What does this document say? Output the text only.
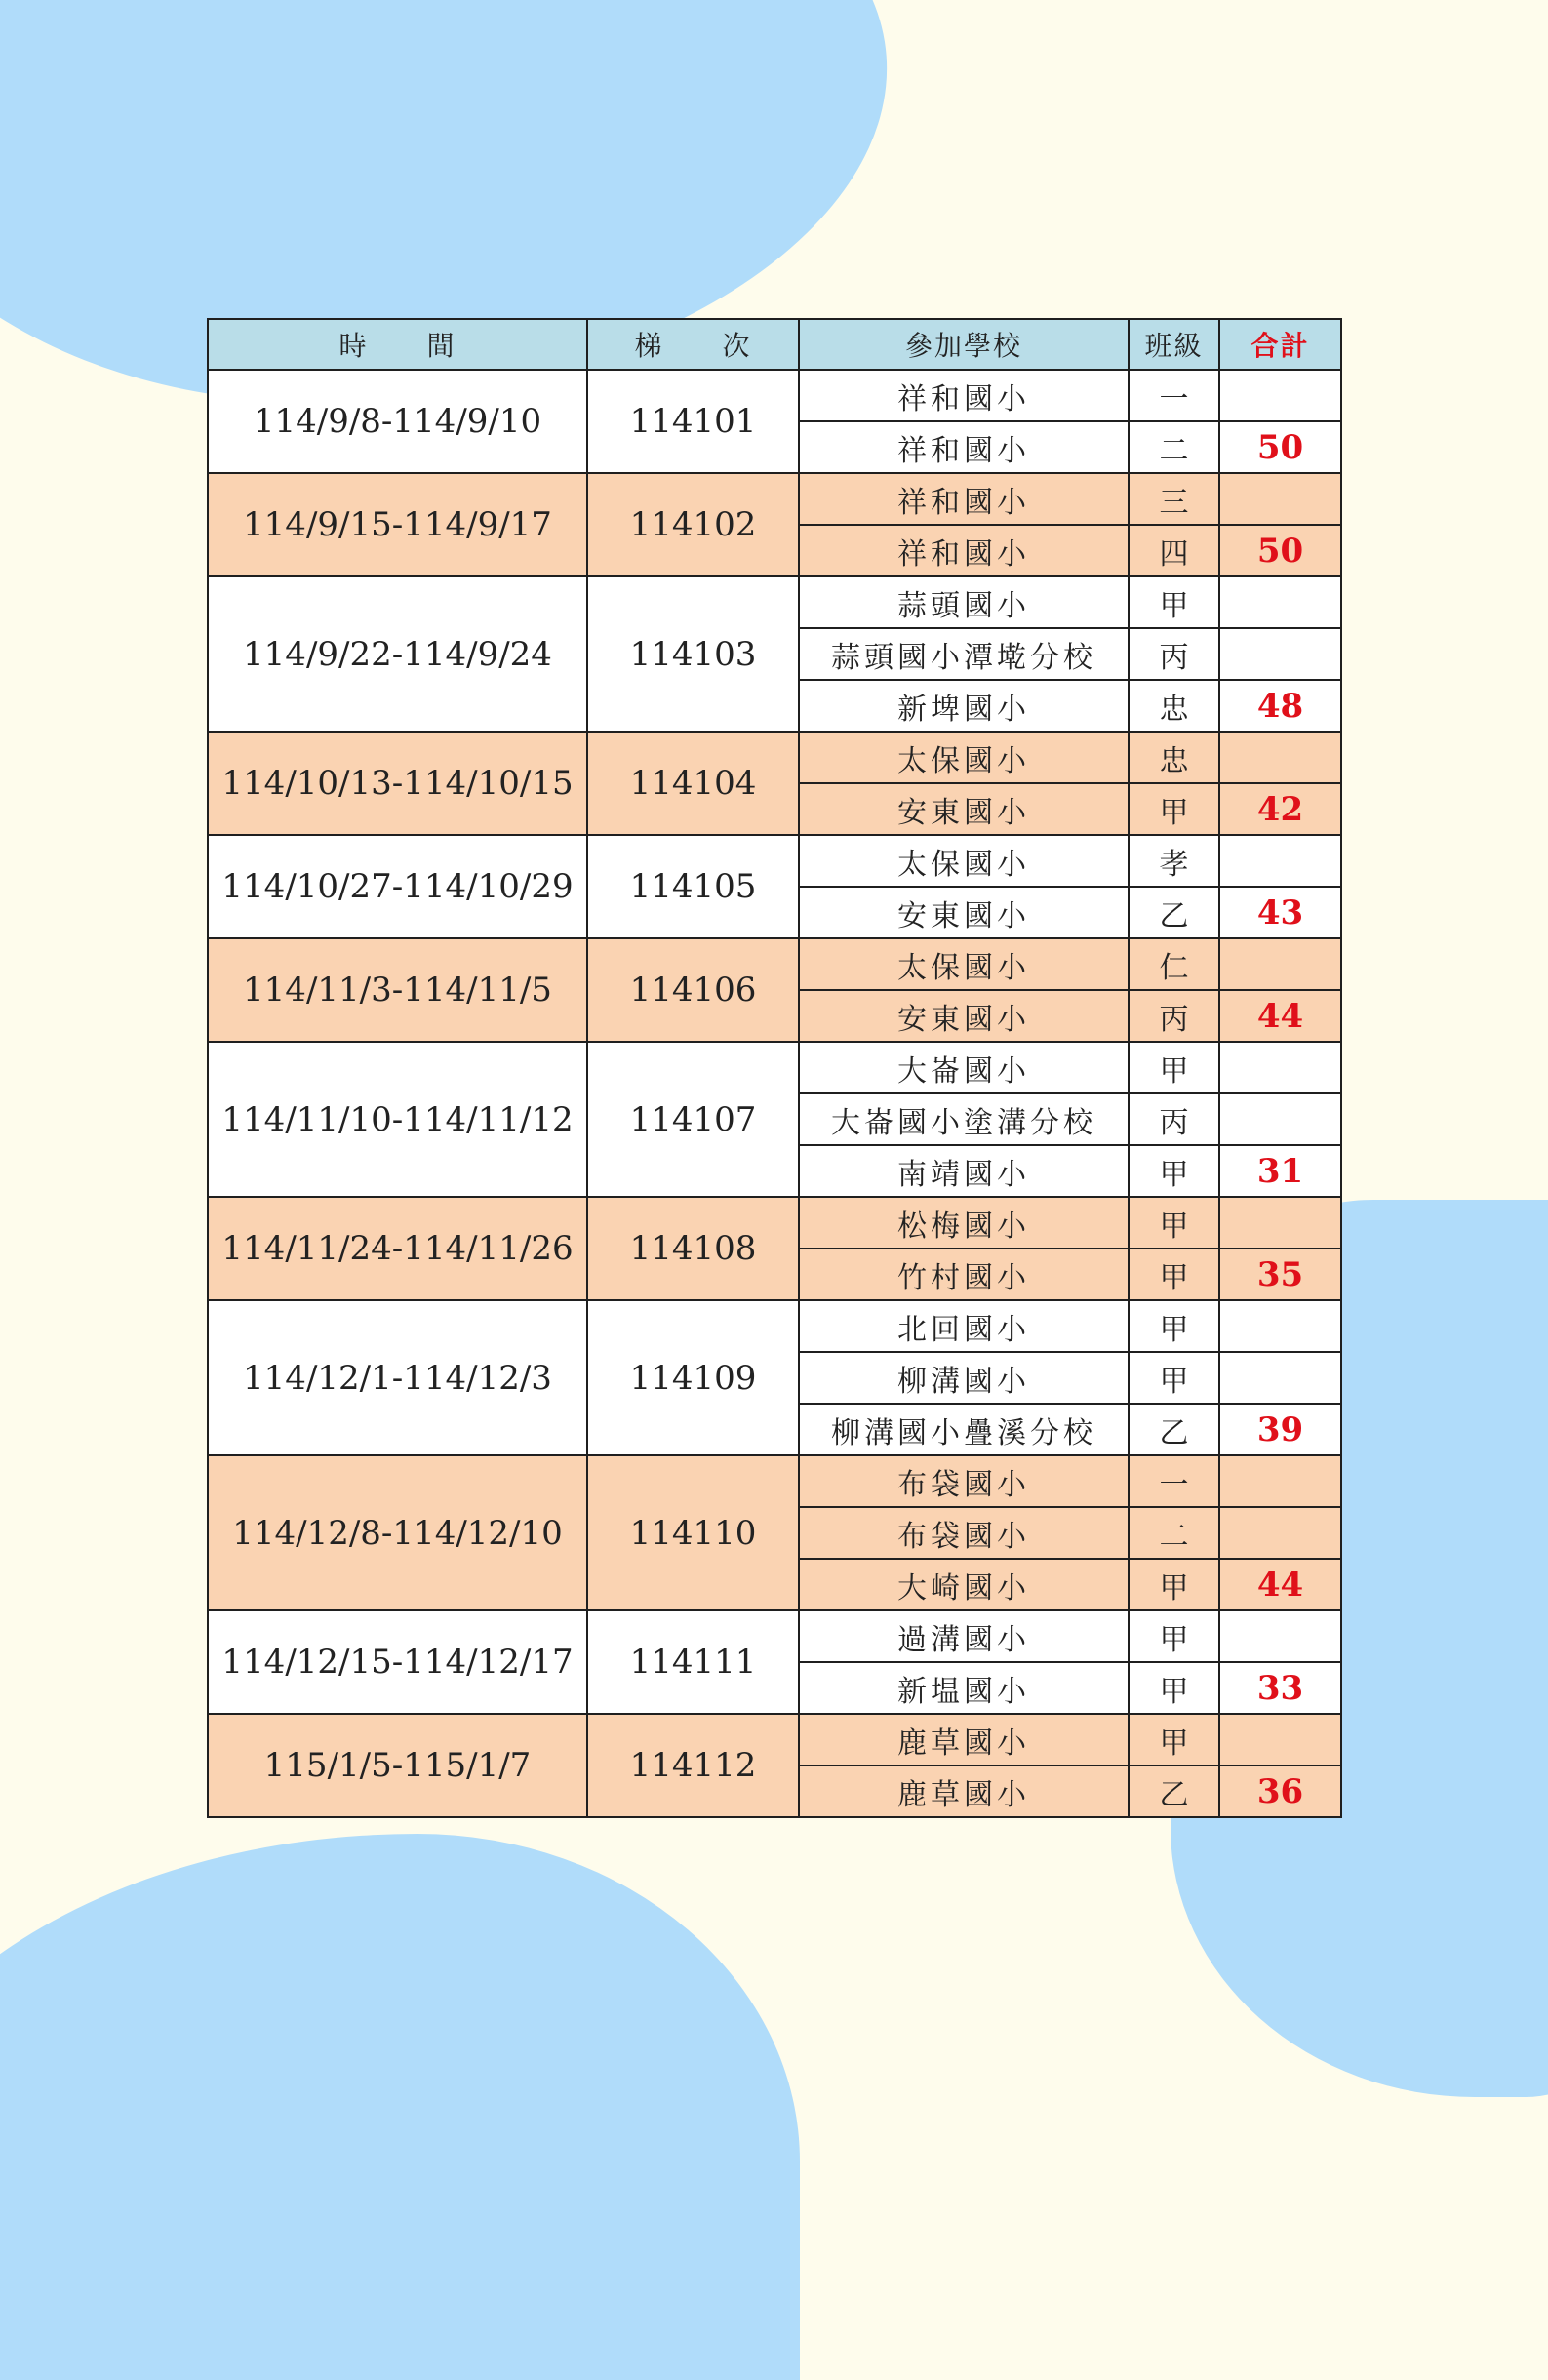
時　　間	梯　　次	參加學校	班級	合計
114/9/8-114/9/10	114101	祥和國小	一	
		祥和國小	二	50
114/9/15-114/9/17	114102	祥和國小	三	
		祥和國小	四	50
114/9/22-114/9/24	114103	蒜頭國小	甲	
		蒜頭國小潭墘分校	丙	
		新埤國小	忠	48
114/10/13-114/10/15	114104	太保國小	忠	
		安東國小	甲	42
114/10/27-114/10/29	114105	太保國小	孝	
		安東國小	乙	43
114/11/3-114/11/5	114106	太保國小	仁	
		安東國小	丙	44
114/11/10-114/11/12	114107	大崙國小	甲	
		大崙國小塗溝分校	丙	
		南靖國小	甲	31
114/11/24-114/11/26	114108	松梅國小	甲	
		竹村國小	甲	35
114/12/1-114/12/3	114109	北回國小	甲	
		柳溝國小	甲	
		柳溝國小疊溪分校	乙	39
114/12/8-114/12/10	114110	布袋國小	一	
		布袋國小	二	
		大崎國小	甲	44
114/12/15-114/12/17	114111	過溝國小	甲	
		新塭國小	甲	33
115/1/5-115/1/7	114112	鹿草國小	甲	
		鹿草國小	乙	36
